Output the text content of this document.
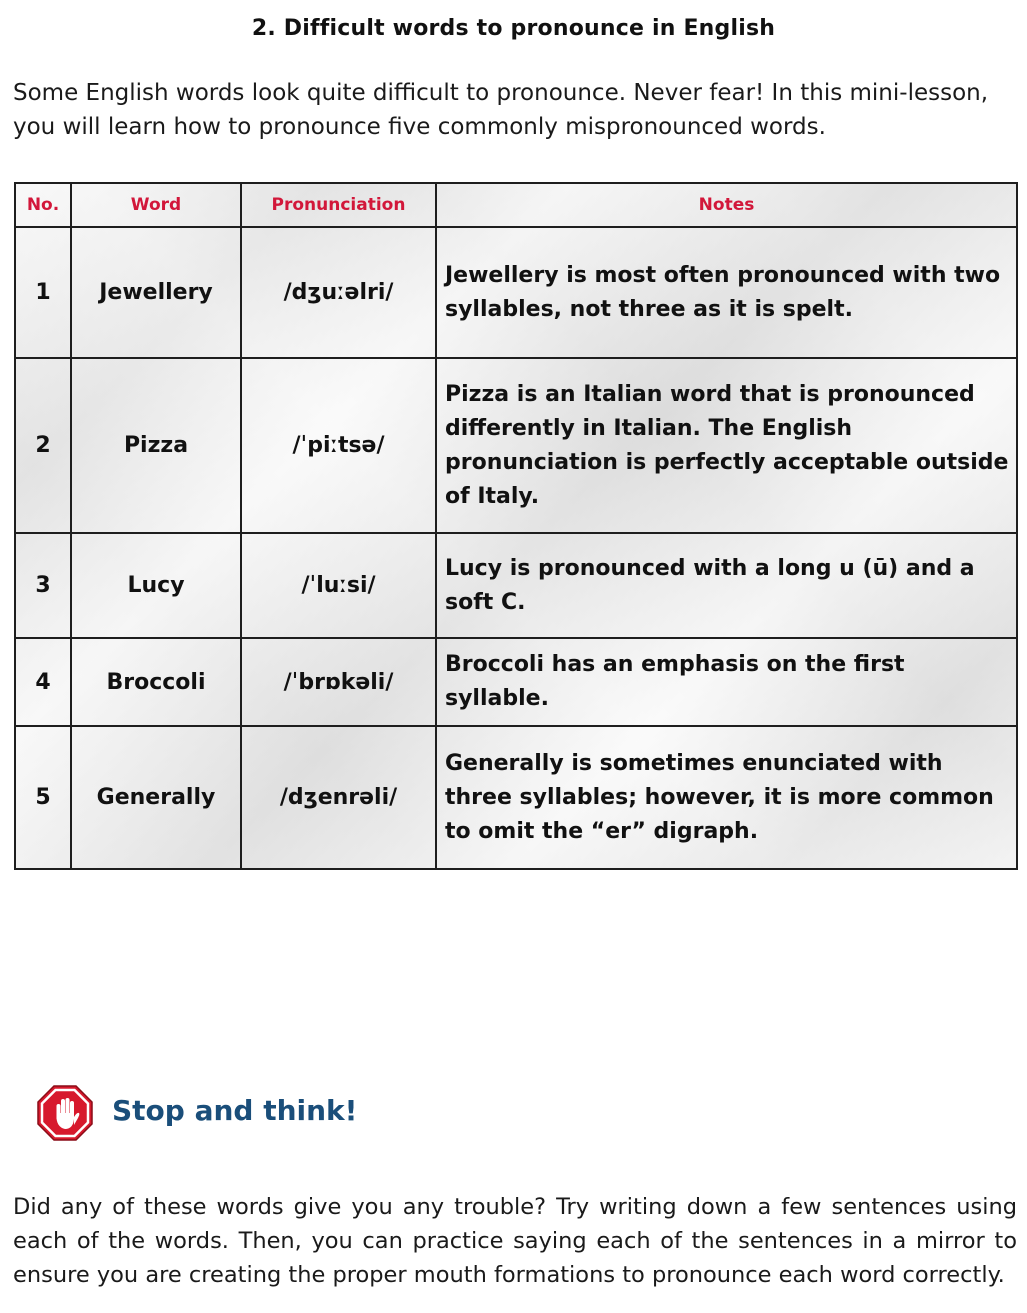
2. Difficult words to pronounce in English
Some English words look quite difficult to pronounce. Never fear! In this mini-lesson, you will learn how to pronounce five commonly mispronounced words.
No.	Word	Pronunciation	Notes
1	Jewellery	/dʒuːəlri/	Jewellery is most often pronounced with two syllables, not three as it is spelt.
2	Pizza	/ˈpiːtsə/	Pizza is an Italian word that is pronounced differently in Italian. The English pronunciation is perfectly acceptable outside of Italy.
3	Lucy	/ˈluːsi/	Lucy is pronounced with a long u (ū) and a soft C.
4	Broccoli	/ˈbrɒkəli/	Broccoli has an emphasis on the first syllable.
5	Generally	/dʒenrəli/	Generally is sometimes enunciated with three syllables; however, it is more common to omit the “er” digraph.
Stop and think!
Did any of these words give you any trouble? Try writing down a few sentences using each of the words. Then, you can practice saying each of the sentences in a mirror to ensure you are creating the proper mouth formations to pronounce each word correctly.
